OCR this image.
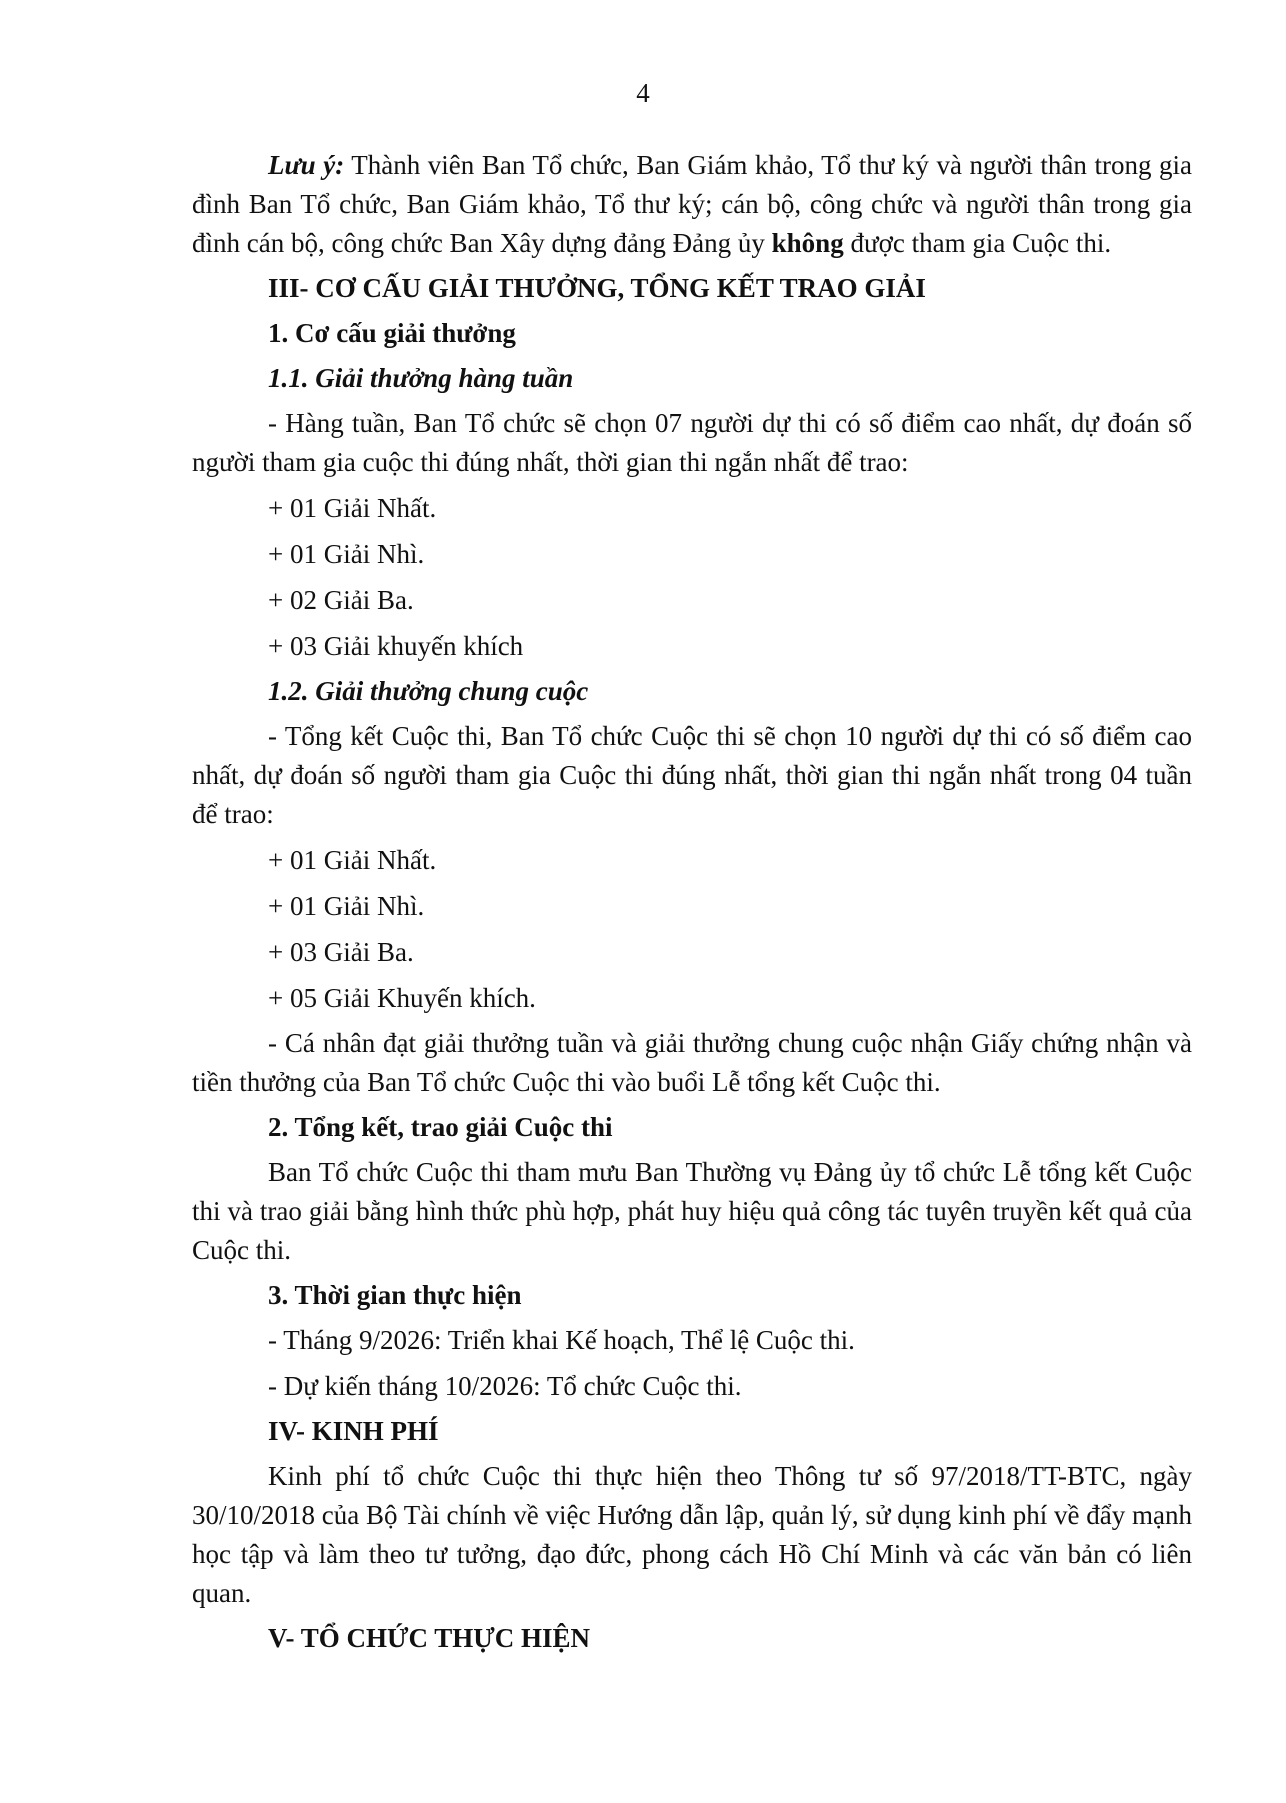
4

Lưu ý: Thành viên Ban Tổ chức, Ban Giám khảo, Tổ thư ký và người thân trong gia đình Ban Tổ chức, Ban Giám khảo, Tổ thư ký; cán bộ, công chức và người thân trong gia đình cán bộ, công chức Ban Xây dựng đảng Đảng ủy không được tham gia Cuộc thi.

III- CƠ CẤU GIẢI THƯỞNG, TỔNG KẾT TRAO GIẢI

1. Cơ cấu giải thưởng

1.1. Giải thưởng hàng tuần

- Hàng tuần, Ban Tổ chức sẽ chọn 07 người dự thi có số điểm cao nhất, dự đoán số người tham gia cuộc thi đúng nhất, thời gian thi ngắn nhất để trao:

+ 01 Giải Nhất.

+ 01 Giải Nhì.

+ 02 Giải Ba.

+ 03 Giải khuyến khích

1.2. Giải thưởng chung cuộc

- Tổng kết Cuộc thi, Ban Tổ chức Cuộc thi sẽ chọn 10 người dự thi có số điểm cao nhất, dự đoán số người tham gia Cuộc thi đúng nhất, thời gian thi ngắn nhất trong 04 tuần để trao:

+ 01 Giải Nhất.

+ 01 Giải Nhì.

+ 03 Giải Ba.

+ 05 Giải Khuyến khích.

- Cá nhân đạt giải thưởng tuần và giải thưởng chung cuộc nhận Giấy chứng nhận và tiền thưởng của Ban Tổ chức Cuộc thi vào buổi Lễ tổng kết Cuộc thi.

2. Tổng kết, trao giải Cuộc thi

Ban Tổ chức Cuộc thi tham mưu Ban Thường vụ Đảng ủy tổ chức Lễ tổng kết Cuộc thi và trao giải bằng hình thức phù hợp, phát huy hiệu quả công tác tuyên truyền kết quả của Cuộc thi.

3. Thời gian thực hiện

- Tháng 9/2026: Triển khai Kế hoạch, Thể lệ Cuộc thi.

- Dự kiến tháng 10/2026: Tổ chức Cuộc thi.

IV- KINH PHÍ

Kinh phí tổ chức Cuộc thi thực hiện theo Thông tư số 97/2018/TT-BTC, ngày 30/10/2018 của Bộ Tài chính về việc Hướng dẫn lập, quản lý, sử dụng kinh phí về đẩy mạnh học tập và làm theo tư tưởng, đạo đức, phong cách Hồ Chí Minh và các văn bản có liên quan.

V- TỔ CHỨC THỰC HIỆN
